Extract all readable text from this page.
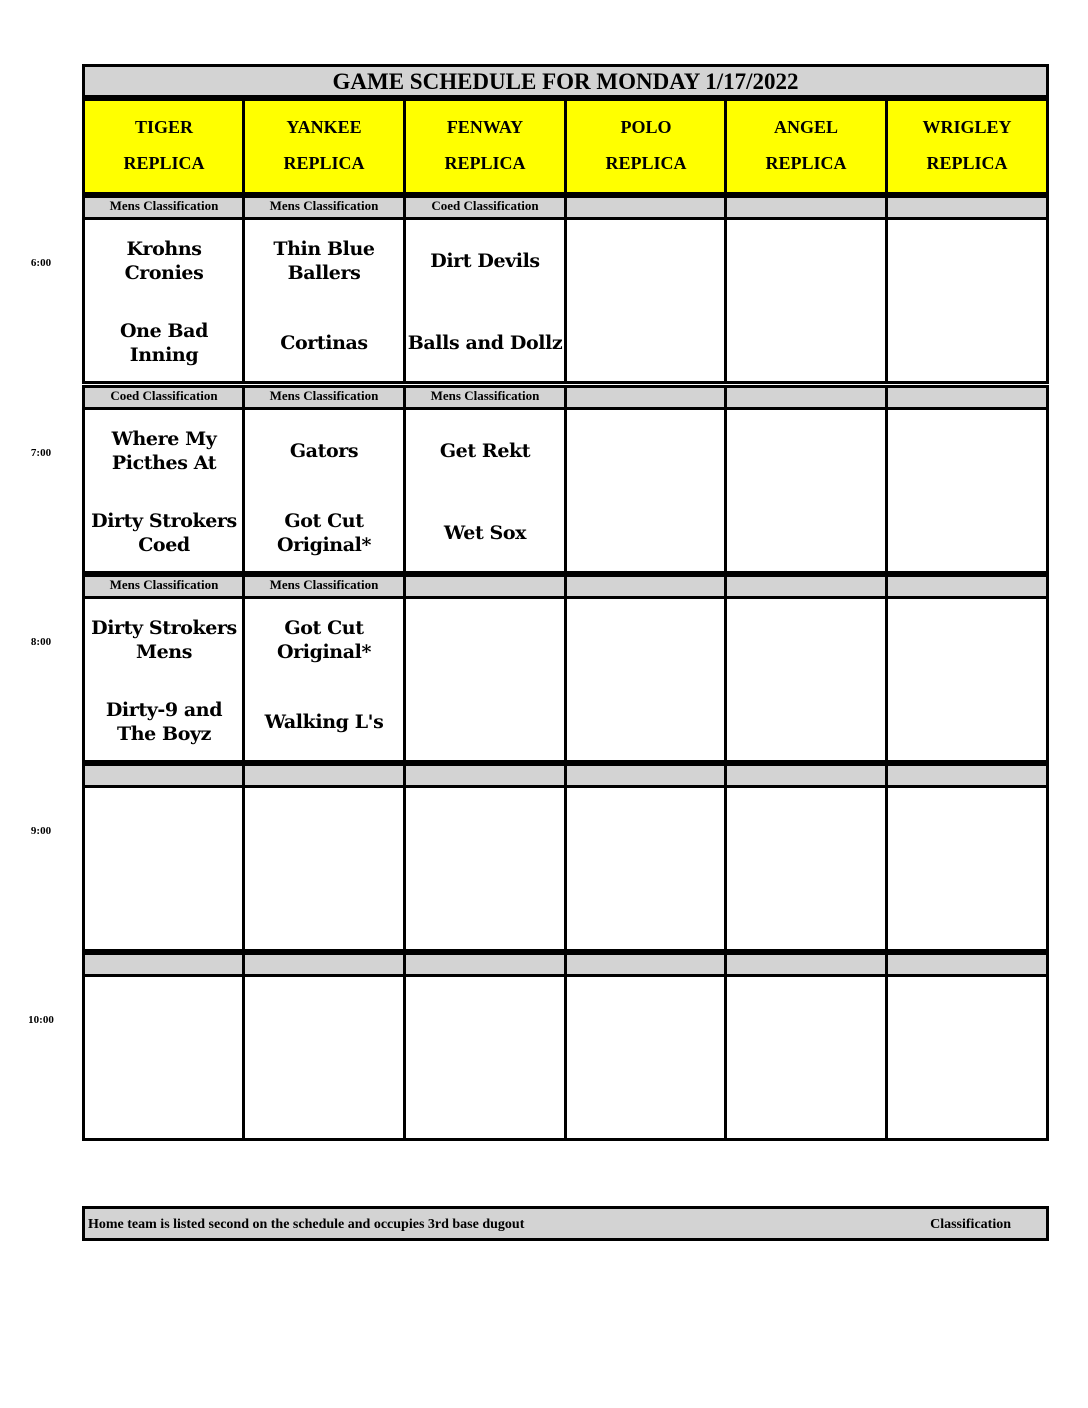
6:00
7:00
8:00
9:00
10:00
GAME SCHEDULE FOR MONDAY 1/17/2022
TIGER
REPLICA
YANKEE
REPLICA
FENWAY
REPLICA
POLO
REPLICA
ANGEL
REPLICA
WRIGLEY
REPLICA
Mens Classification
Krohns Cronies
One Bad Inning
Mens Classification
Thin Blue Ballers
Cortinas
Coed Classification
Dirt Devils
Balls and Dollz
Coed Classification
Where My Picthes At
Dirty Strokers Coed
Mens Classification
Gators
Got Cut Original*
Mens Classification
Get Rekt
Wet Sox
Mens Classification
Dirty Strokers Mens
Dirty-9 and The Boyz
Mens Classification
Got Cut Original*
Walking L's
Home team is listed second on the schedule and occupies 3rd base dugout	Classification
